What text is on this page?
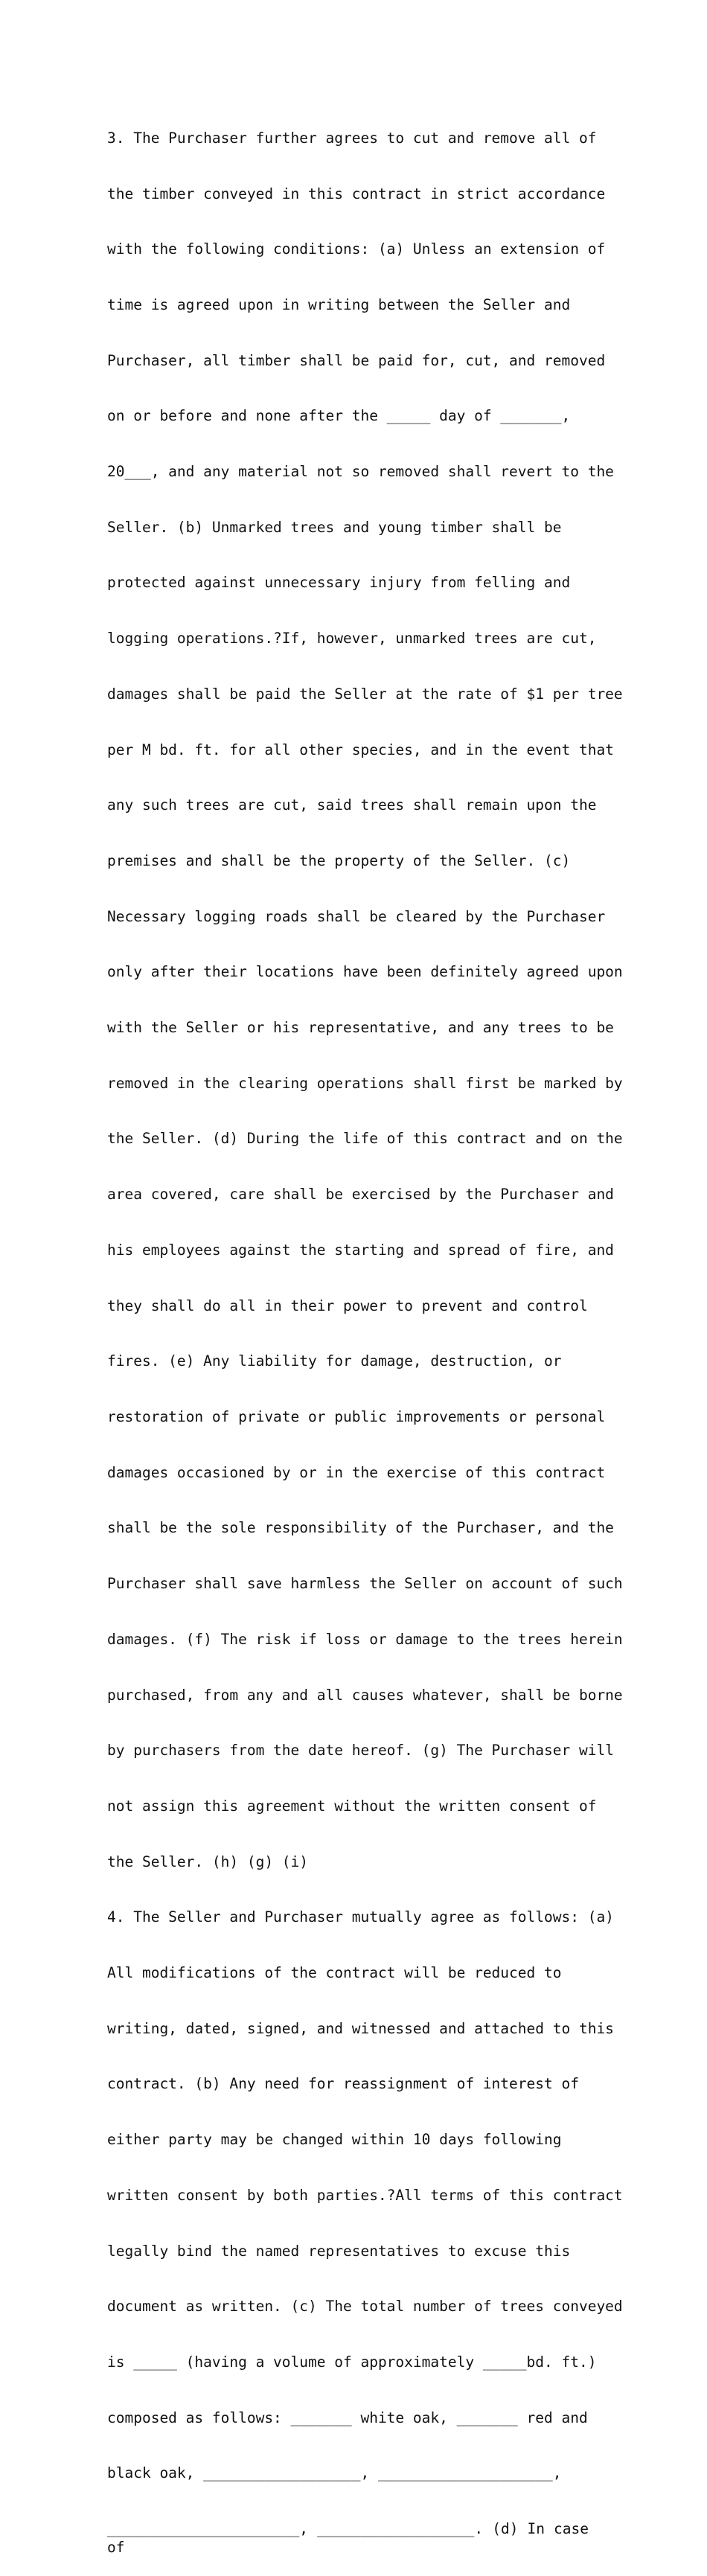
3. The Purchaser further agrees to cut and remove all of

the timber conveyed in this contract in strict accordance

with the following conditions: (a) Unless an extension of

time is agreed upon in writing between the Seller and

Purchaser, all timber shall be paid for, cut, and removed

on or before and none after the _____ day of _______,

20___, and any material not so removed shall revert to the

Seller. (b) Unmarked trees and young timber shall be

protected against unnecessary injury from felling and

logging operations.?If, however, unmarked trees are cut,

damages shall be paid the Seller at the rate of $1 per tree

per M bd. ft. for all other species, and in the event that

any such trees are cut, said trees shall remain upon the

premises and shall be the property of the Seller. (c)

Necessary logging roads shall be cleared by the Purchaser

only after their locations have been definitely agreed upon

with the Seller or his representative, and any trees to be

removed in the clearing operations shall first be marked by

the Seller. (d) During the life of this contract and on the

area covered, care shall be exercised by the Purchaser and

his employees against the starting and spread of fire, and

they shall do all in their power to prevent and control

fires. (e) Any liability for damage, destruction, or

restoration of private or public improvements or personal

damages occasioned by or in the exercise of this contract

shall be the sole responsibility of the Purchaser, and the

Purchaser shall save harmless the Seller on account of such

damages. (f) The risk if loss or damage to the trees herein

purchased, from any and all causes whatever, shall be borne

by purchasers from the date hereof. (g) The Purchaser will

not assign this agreement without the written consent of

the Seller. (h) (g) (i)

4. The Seller and Purchaser mutually agree as follows: (a)

All modifications of the contract will be reduced to

writing, dated, signed, and witnessed and attached to this

contract. (b) Any need for reassignment of interest of

either party may be changed within 10 days following

written consent by both parties.?All terms of this contract

legally bind the named representatives to excuse this

document as written. (c) The total number of trees conveyed

is _____ (having a volume of approximately _____bd. ft.)

composed as follows: _______ white oak, _______ red and

black oak, __________________, ____________________,

______________________, __________________. (d) In case of
